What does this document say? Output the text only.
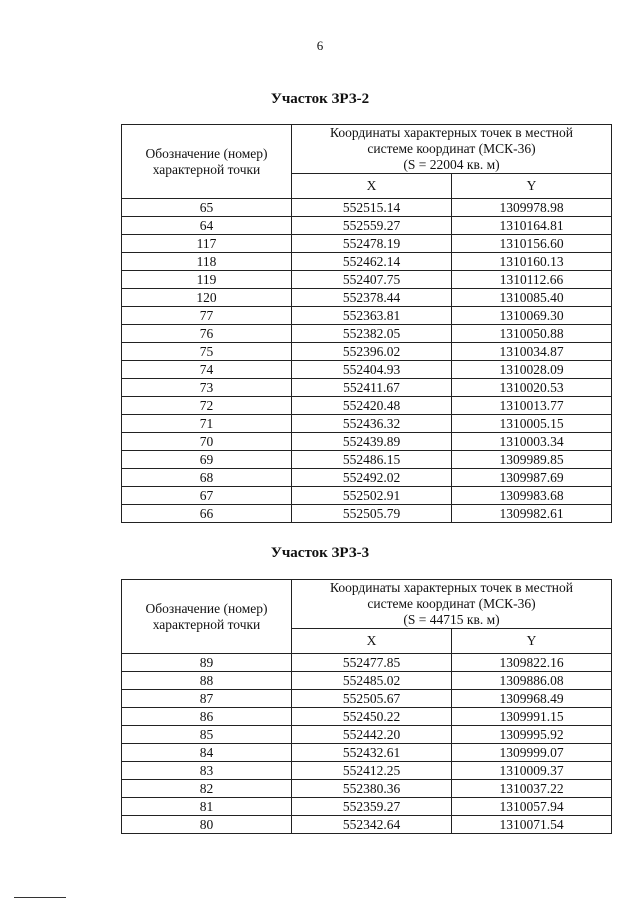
6
Участок ЗРЗ-2
Обозначение (номер) характерной точки	Координаты характерных точек в местной
системе координат (МСК-36)
(S = 22004 кв. м)	

	X	Y
65	552515.14	1309978.98
64	552559.27	1310164.81
117	552478.19	1310156.60
118	552462.14	1310160.13
119	552407.75	1310112.66
120	552378.44	1310085.40
77	552363.81	1310069.30
76	552382.05	1310050.88
75	552396.02	1310034.87
74	552404.93	1310028.09
73	552411.67	1310020.53
72	552420.48	1310013.77
71	552436.32	1310005.15
70	552439.89	1310003.34
69	552486.15	1309989.85
68	552492.02	1309987.69
67	552502.91	1309983.68
66	552505.79	1309982.61
Участок ЗРЗ-3
Обозначение (номер) характерной точки	Координаты характерных точек в местной
системе координат (МСК-36)
(S = 44715 кв. м)	

	X	Y
89	552477.85	1309822.16
88	552485.02	1309886.08
87	552505.67	1309968.49
86	552450.22	1309991.15
85	552442.20	1309995.92
84	552432.61	1309999.07
83	552412.25	1310009.37
82	552380.36	1310037.22
81	552359.27	1310057.94
80	552342.64	1310071.54
